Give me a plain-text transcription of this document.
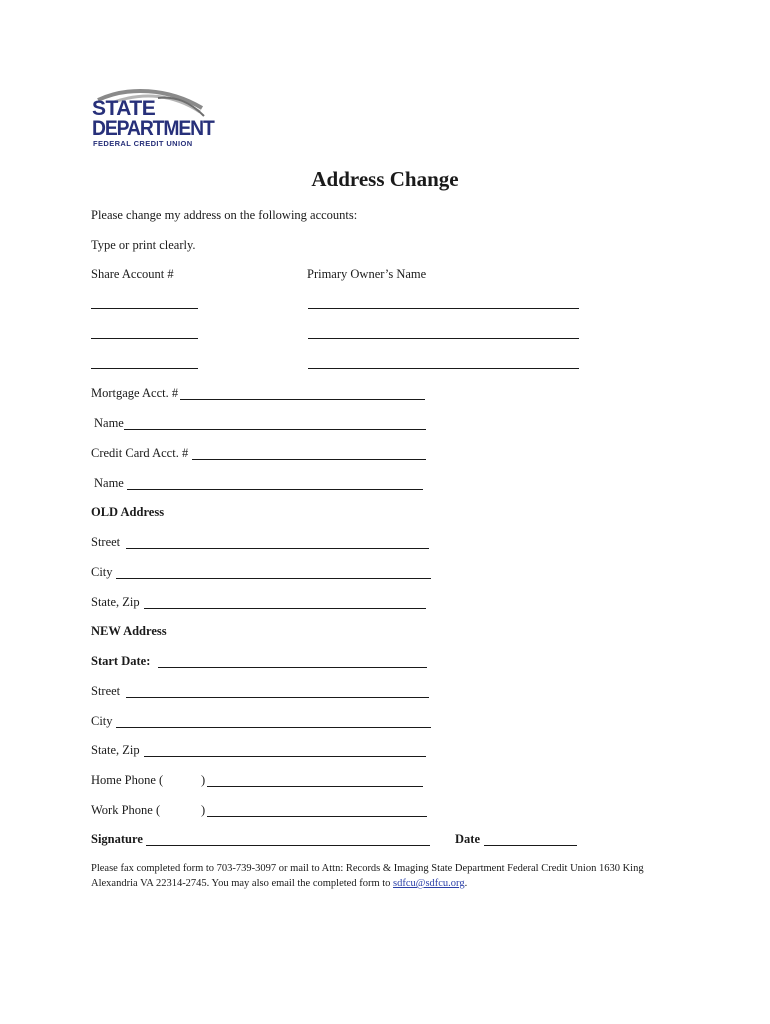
STATE
DEPARTMENT
FEDERAL CREDIT UNION
Address Change
Please change my address on the following accounts:
Type or print clearly.
Share Account #	Primary Owner’s Name
Mortgage Acct. #
Name
Credit Card Acct. #
Name
OLD Address
Street
City
State, Zip
NEW Address
Start Date:
Street
City
State, Zip
Home Phone (	)
Work Phone (	)
Signature	Date
Please fax completed form to 703-739-3097 or mail to Attn: Records & Imaging State Department Federal Credit Union 1630 King Alexandria VA 22314-2745. You may also email the completed form to sdfcu@sdfcu.org.
